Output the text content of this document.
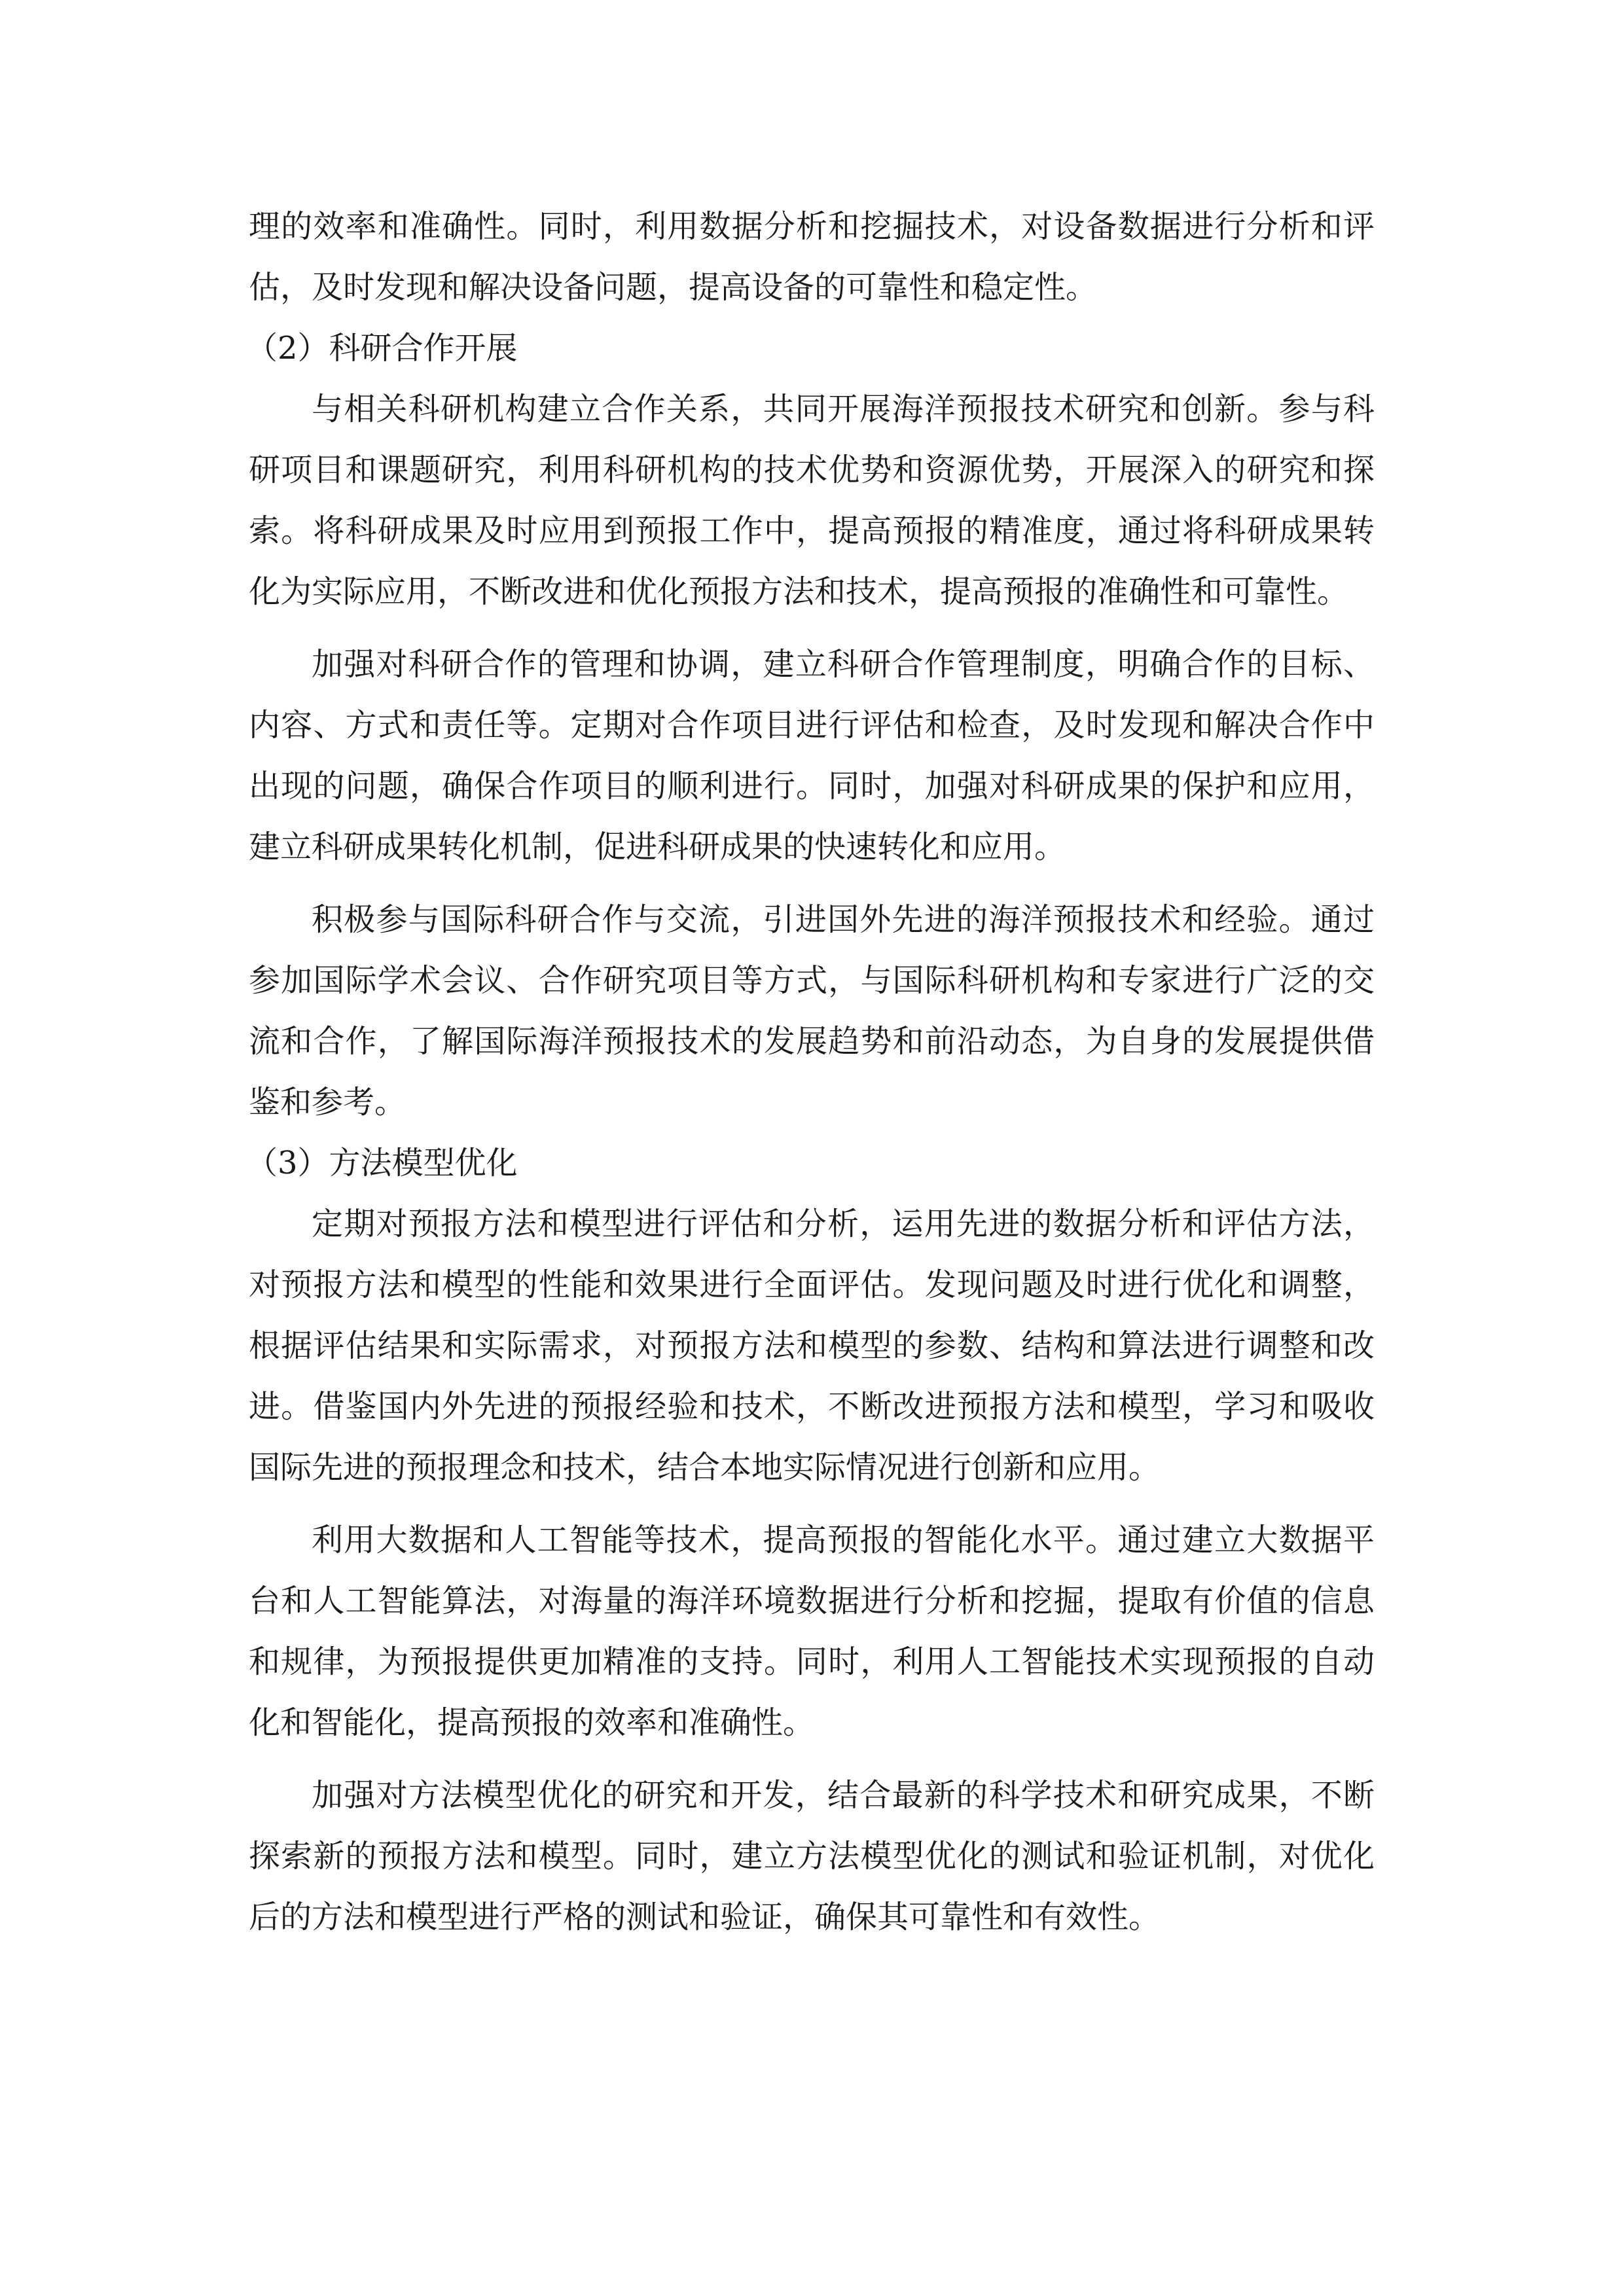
理的效率和准确性。同时，利用数据分析和挖掘技术，对设备数据进行分析和评估，及时发现和解决设备问题，提高设备的可靠性和稳定性。

（2）科研合作开展

与相关科研机构建立合作关系，共同开展海洋预报技术研究和创新。参与科研项目和课题研究，利用科研机构的技术优势和资源优势，开展深入的研究和探索。将科研成果及时应用到预报工作中，提高预报的精准度，通过将科研成果转化为实际应用，不断改进和优化预报方法和技术，提高预报的准确性和可靠性。

加强对科研合作的管理和协调，建立科研合作管理制度，明确合作的目标、内容、方式和责任等。定期对合作项目进行评估和检查，及时发现和解决合作中出现的问题，确保合作项目的顺利进行。同时，加强对科研成果的保护和应用，建立科研成果转化机制，促进科研成果的快速转化和应用。

积极参与国际科研合作与交流，引进国外先进的海洋预报技术和经验。通过参加国际学术会议、合作研究项目等方式，与国际科研机构和专家进行广泛的交流和合作，了解国际海洋预报技术的发展趋势和前沿动态，为自身的发展提供借鉴和参考。

（3）方法模型优化

定期对预报方法和模型进行评估和分析，运用先进的数据分析和评估方法，对预报方法和模型的性能和效果进行全面评估。发现问题及时进行优化和调整，根据评估结果和实际需求，对预报方法和模型的参数、结构和算法进行调整和改进。借鉴国内外先进的预报经验和技术，不断改进预报方法和模型，学习和吸收国际先进的预报理念和技术，结合本地实际情况进行创新和应用。

利用大数据和人工智能等技术，提高预报的智能化水平。通过建立大数据平台和人工智能算法，对海量的海洋环境数据进行分析和挖掘，提取有价值的信息和规律，为预报提供更加精准的支持。同时，利用人工智能技术实现预报的自动化和智能化，提高预报的效率和准确性。

加强对方法模型优化的研究和开发，结合最新的科学技术和研究成果，不断探索新的预报方法和模型。同时，建立方法模型优化的测试和验证机制，对优化后的方法和模型进行严格的测试和验证，确保其可靠性和有效性。
